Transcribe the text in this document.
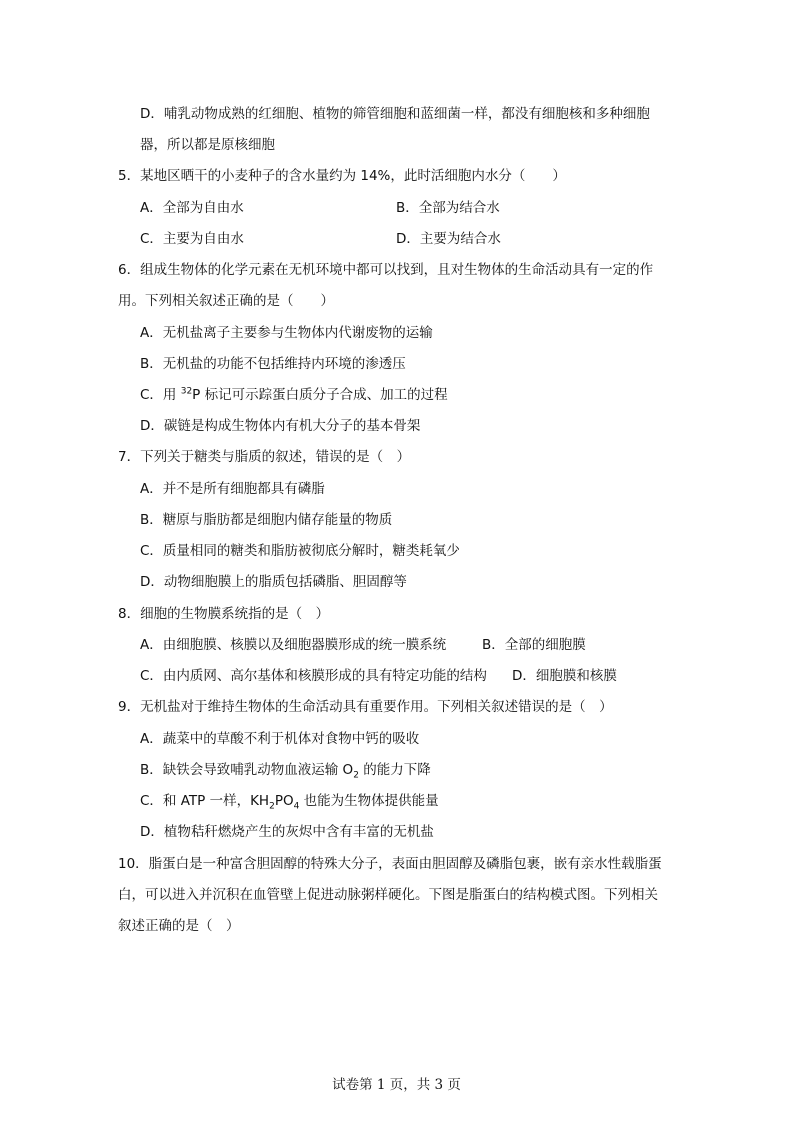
D．哺乳动物成熟的红细胞、植物的筛管细胞和蓝细菌一样，都没有细胞核和多种细胞
器，所以都是原核细胞
5．某地区晒干的小麦种子的含水量约为 14%，此时活细胞内水分（　　）
A．全部为自由水	B．全部为结合水
C．主要为自由水	D．主要为结合水
6．组成生物体的化学元素在无机环境中都可以找到，且对生物体的生命活动具有一定的作
用。下列相关叙述正确的是（　　）
A．无机盐离子主要参与生物体内代谢废物的运输
B．无机盐的功能不包括维持内环境的渗透压
C．用 $^{32}$P 标记可示踪蛋白质分子合成、加工的过程
D．碳链是构成生物体内有机大分子的基本骨架
7．下列关于糖类与脂质的叙述，错误的是（　）
A．并不是所有细胞都具有磷脂
B．糖原与脂肪都是细胞内储存能量的物质
C．质量相同的糖类和脂肪被彻底分解时，糖类耗氧少
D．动物细胞膜上的脂质包括磷脂、胆固醇等
8．细胞的生物膜系统指的是（　）
A．由细胞膜、核膜以及细胞器膜形成的统一膜系统	B．全部的细胞膜
C．由内质网、高尔基体和核膜形成的具有特定功能的结构 D．细胞膜和核膜
9．无机盐对于维持生物体的生命活动具有重要作用。下列相关叙述错误的是（　）
A．蔬菜中的草酸不利于机体对食物中钙的吸收
B．缺铁会导致哺乳动物血液运输 $O_2$ 的能力下降
C．和 ATP 一样，$KH_2PO_4$ 也能为生物体提供能量
D．植物秸秆燃烧产生的灰烬中含有丰富的无机盐
10．脂蛋白是一种富含胆固醇的特殊大分子，表面由胆固醇及磷脂包裹，嵌有亲水性载脂蛋
白，可以进入并沉积在血管壁上促进动脉粥样硬化。下图是脂蛋白的结构模式图。下列相关
叙述正确的是（　）
试卷第 1 页，共 3 页
